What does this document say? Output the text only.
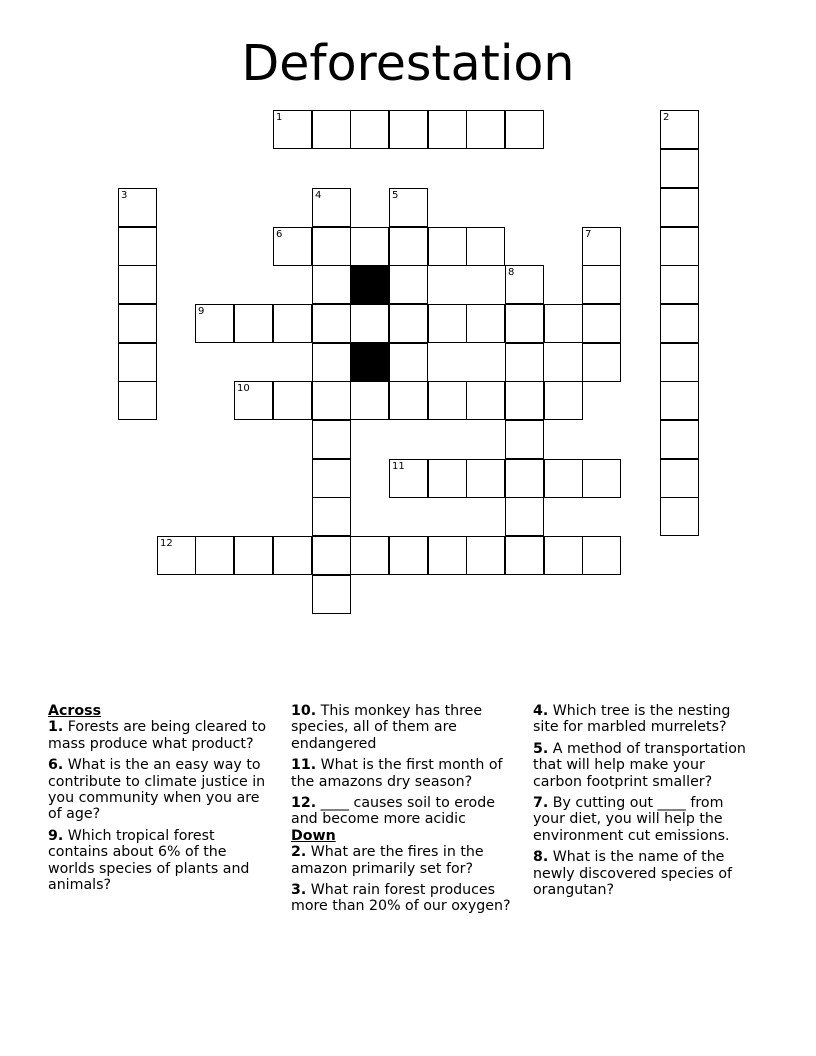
Deforestation
1	2
3	4	5
6	7
8
9
10
11
12

Across

1. Forests are being cleared to mass produce what product?

6. What is the an easy way to contribute to climate justice in you community when you are of age?

9. Which tropical forest contains about 6% of the worlds species of plants and animals?

10. This monkey has three species, all of them are endangered

11. What is the first month of the amazons dry season?

12. ____ causes soil to erode and become more acidic

Down

2. What are the fires in the amazon primarily set for?

3. What rain forest produces more than 20% of our oxygen?

4. Which tree is the nesting site for marbled murrelets?

5. A method of transportation that will help make your carbon footprint smaller?

7. By cutting out ____ from your diet, you will help the environment cut emissions.

8. What is the name of the newly discovered species of orangutan?
